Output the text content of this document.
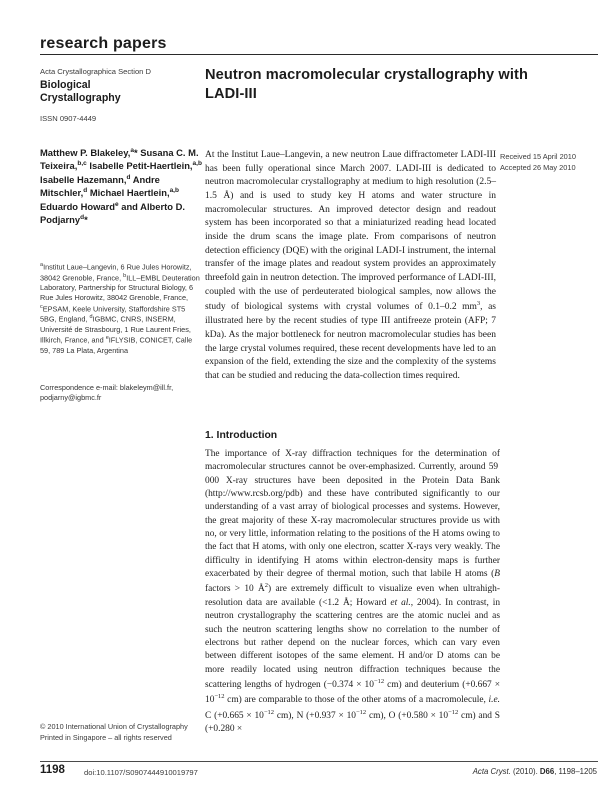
research papers
Acta Crystallographica Section D
Biological
Crystallography
ISSN 0907-4449
Neutron macromolecular crystallography with LADI-III
Received 15 April 2010
Accepted 26 May 2010
Matthew P. Blakeley,$^a$* Susana C. M. Teixeira,$^{b,c}$ Isabelle Petit-Haertlein,$^{a,b}$ Isabelle Hazemann,$^d$ Andre Mitschler,$^d$ Michael Haertlein,$^{a,b}$ Eduardo Howard$^e$ and Alberto D. Podjarny$^d$*
$^a$Institut Laue–Langevin, 6 Rue Jules Horowitz, 38042 Grenoble, France, $^b$ILL–EMBL Deuteration Laboratory, Partnership for Structural Biology, 6 Rue Jules Horowitz, 38042 Grenoble, France, $^c$EPSAM, Keele University, Staffordshire ST5 5BG, England, $^d$IGBMC, CNRS, INSERM, Université de Strasbourg, 1 Rue Laurent Fries, Illkirch, France, and $^e$IFLYSIB, CONICET, Calle 59, 789 La Plata, Argentina
Correspondence e-mail: blakeleym@ill.fr, podjarny@igbmc.fr
At the Institut Laue–Langevin, a new neutron Laue diffractometer LADI-III has been fully operational since March 2007. LADI-III is dedicated to neutron macromolecular crystallography at medium to high resolution (2.5–1.5 Å) and is used to study key H atoms and water structure in macromolecular structures. An improved detector design and readout system has been incorporated so that a miniaturized reading head located inside the drum scans the image plate. From comparisons of neutron detection efficiency (DQE) with the original LADI-I instrument, the internal transfer of the image plates and readout system provides an approximately threefold gain in neutron detection. The improved performance of LADI-III, coupled with the use of perdeuterated biological samples, now allows the study of biological systems with crystal volumes of 0.1–0.2 $mm^3$, as illustrated here by the recent studies of type III antifreeze protein (AFP; 7 kDa). As the major bottleneck for neutron macromolecular studies has been the large crystal volumes required, these recent developments have led to an expansion of the field, extending the size and the complexity of the systems that can be studied and reducing the data-collection times required.
1. Introduction
The importance of X-ray diffraction techniques for the determination of macromolecular structures cannot be over-emphasized. Currently, around 59 000 X-ray structures have been deposited in the Protein Data Bank (http://www.rcsb.org/pdb) and these have contributed significantly to our understanding of a vast array of biological processes and systems. However, the great majority of these X-ray macromolecular structures provide us with no, or very little, information relating to the positions of the H atoms owing to the fact that H atoms, with only one electron, scatter X-rays very weakly. The difficulty in identifying H atoms within electron-density maps is further exacerbated by their degree of thermal motion, such that labile H atoms (B factors > 10 $Å^2$) are extremely difficult to visualize even when ultrahigh-resolution data are available (<1.2 Å; Howard et al., 2004). In contrast, in neutron crystallography the scattering centres are the atomic nuclei and as such the neutron scattering lengths show no correlation to the number of electrons but rather depend on the nuclear forces, which can vary even between different isotopes of the same element. H and/or D atoms can be more readily located using neutron diffraction techniques because the scattering lengths of hydrogen ($-0.374 \times 10^{-12}$ cm) and deuterium ($+0.667 \times 10^{-12}$ cm) are comparable to those of the other atoms of a macromolecule, i.e. C ($+0.665 \times 10^{-12}$ cm), N ($+0.937 \times 10^{-12}$ cm), O ($+0.580 \times 10^{-12}$ cm) and S (+0.280 ×
© 2010 International Union of Crystallography
Printed in Singapore – all rights reserved
1198	doi:10.1107/S0907444910019797	Acta Cryst. (2010). D66, 1198–1205
